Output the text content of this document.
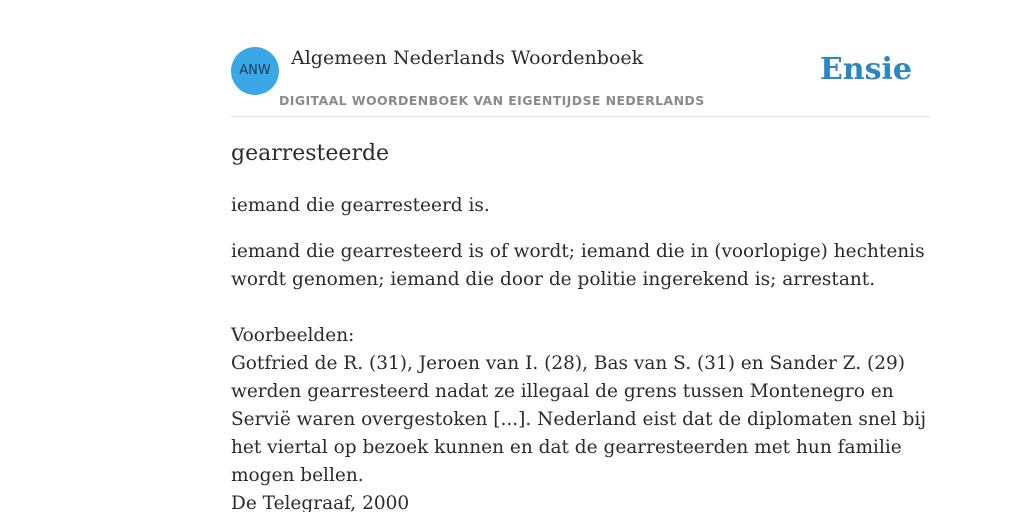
ANW
Algemeen Nederlands Woordenboek
DIGITAAL WOORDENBOEK VAN EIGENTIJDSE NEDERLANDS
Ensie
gearresteerde

iemand die gearresteerd is.

iemand die gearresteerd is of wordt; iemand die in (voorlopige) hechtenis wordt genomen; iemand die door de politie ingerekend is; arrestant.

Voorbeelden:

Gotfried de R. (31), Jeroen van I. (28), Bas van S. (31) en Sander Z. (29) werden gearresteerd nadat ze illegaal de grens tussen Montenegro en Servië waren overgestoken [...]. Nederland eist dat de diplomaten snel bij het viertal op bezoek kunnen en dat de gearresteerden met hun familie mogen bellen.

De Telegraaf, 2000
